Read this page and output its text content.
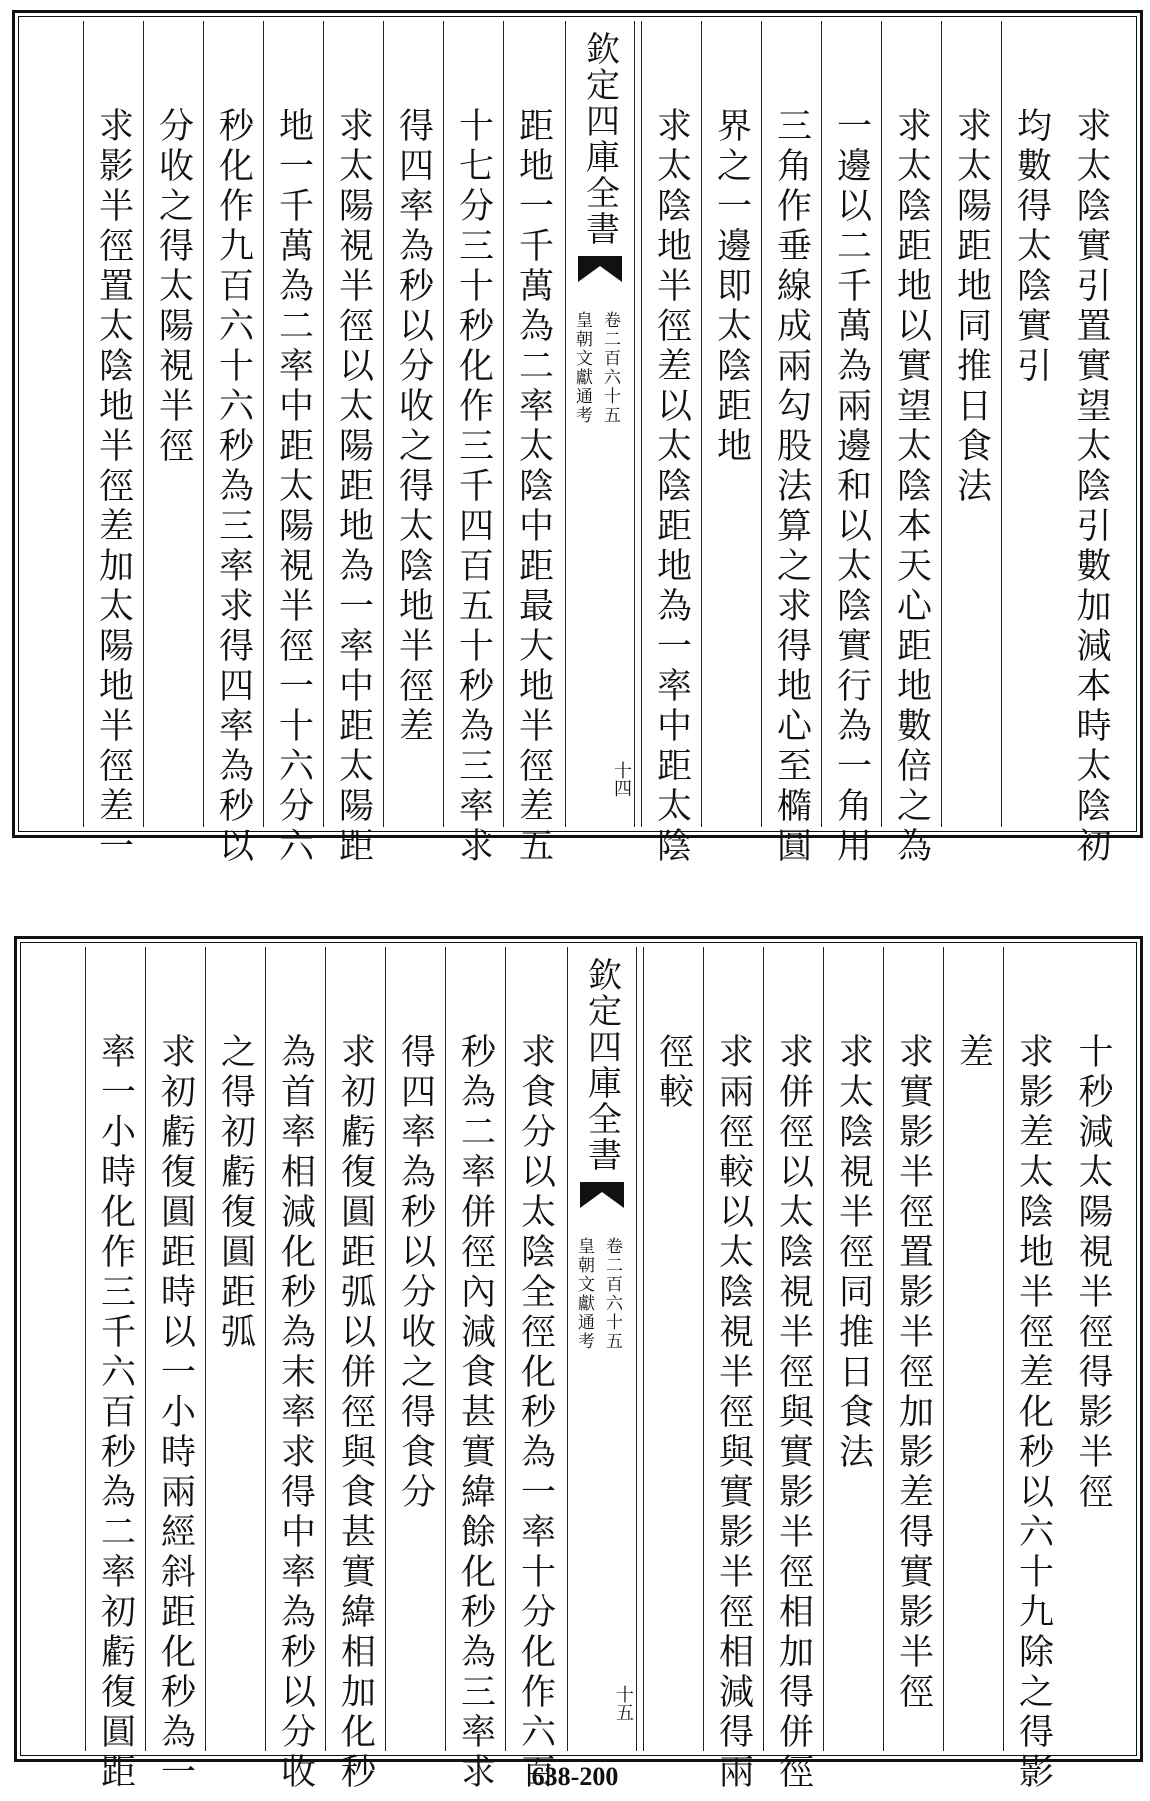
求太陰實引置實望太陰引數加減本時太陰初
均數得太陰實引
求太陽距地同推日食法
求太陰距地以實望太陰本天心距地數倍之為
一邊以二千萬為兩邊和以太陰實行為一角用
三角作垂線成兩勾股法算之求得地心至橢圓
界之一邊即太陰距地
求太陰地半徑差以太陰距地為一率中距太陰
欽定四庫全書
皇朝文獻通考 卷二百六十五
十四
距地一千萬為二率太陰中距最大地半徑差五
十七分三十秒化作三千四百五十秒為三率求
得四率為秒以分收之得太陰地半徑差
求太陽視半徑以太陽距地為一率中距太陽距
地一千萬為二率中距太陽視半徑一十六分六
秒化作九百六十六秒為三率求得四率為秒以
分收之得太陽視半徑
求影半徑置太陰地半徑差加太陽地半徑差一
十秒減太陽視半徑得影半徑
求影差太陰地半徑差化秒以六十九除之得影
差
求實影半徑置影半徑加影差得實影半徑
求太陰視半徑同推日食法
求併徑以太陰視半徑與實影半徑相加得併徑
求兩徑較以太陰視半徑與實影半徑相減得兩
徑較
欽定四庫全書
皇朝文獻通考 卷二百六十五
十五
求食分以太陰全徑化秒為一率十分化作六百
秒為二率併徑內減食甚實緯餘化秒為三率求
得四率為秒以分收之得食分
求初虧復圓距弧以併徑與食甚實緯相加化秒
為首率相減化秒為末率求得中率為秒以分收
之得初虧復圓距弧
求初虧復圓距時以一小時兩經斜距化秒為一
率一小時化作三千六百秒為二率初虧復圓距	638-200
